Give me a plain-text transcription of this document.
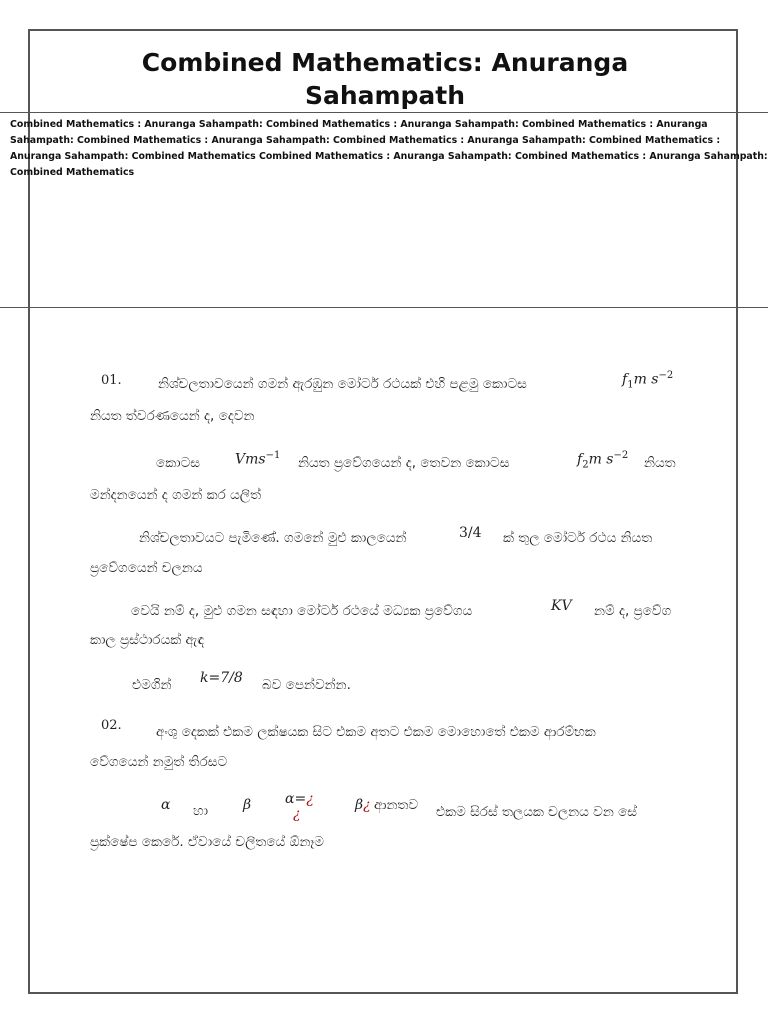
Combined Mathematics: Anuranga Sahampath
Combined Mathematics : Anuranga Sahampath: Combined Mathematics : Anuranga Sahampath: Combined Mathematics : Anuranga Sahampath: Combined Mathematics : Anuranga Sahampath: Combined Mathematics : Anuranga Sahampath: Combined Mathematics : Anuranga Sahampath: Combined Mathematics Combined Mathematics : Anuranga Sahampath: Combined Mathematics : Anuranga Sahampath: Combined Mathematics
01.	නිශ්චලතාවයෙන් ගමන් ඇරඹුන මෝටර් රථයක් එහි පළමු කොටස	$f_1m$ $s^{-2}$
නියත ත්වරණයෙන් ද, දෙවන
කොටස Vms$^{-1}$ නියත ප්‍රවේගයෙන් ද, තෙවන කොටස	$f_2m$ $s^{-2}$ නියත
මන්දනයෙන් ද ගමන් කර යලිත්
නිශ්චලතාවයට පැමිණේ. ගමනේ මුළු කාලයෙන්	3/4 ක් තුල මෝටර් රථය නියත
ප්‍රවේගයෙන් චලනය
වෙයි නම් ද, මුළු ගමන සඳහා මෝටර් රථයේ මධ්‍යක ප්‍රවේගය	KV නම් ද, ප්‍රවේග
කාල ප්‍රස්ථාරයක් ඇඳ
එමගින් k=7/8 බව පෙන්වන්න.
02.	අංශු දෙකක් එකම ලක්ෂයක සිට එකම අතට එකම මොහොතේ එකම ආරම්භක
වේගයෙන් නමුත් තිරසට
α හා β α=¿
¿
β¿ ආනතව එකම සිරස් තලයක චලනය වන සේ
ප්‍රක්ෂේප කෙරේ. ඒවායේ චලිතයේ ඕනෑම
